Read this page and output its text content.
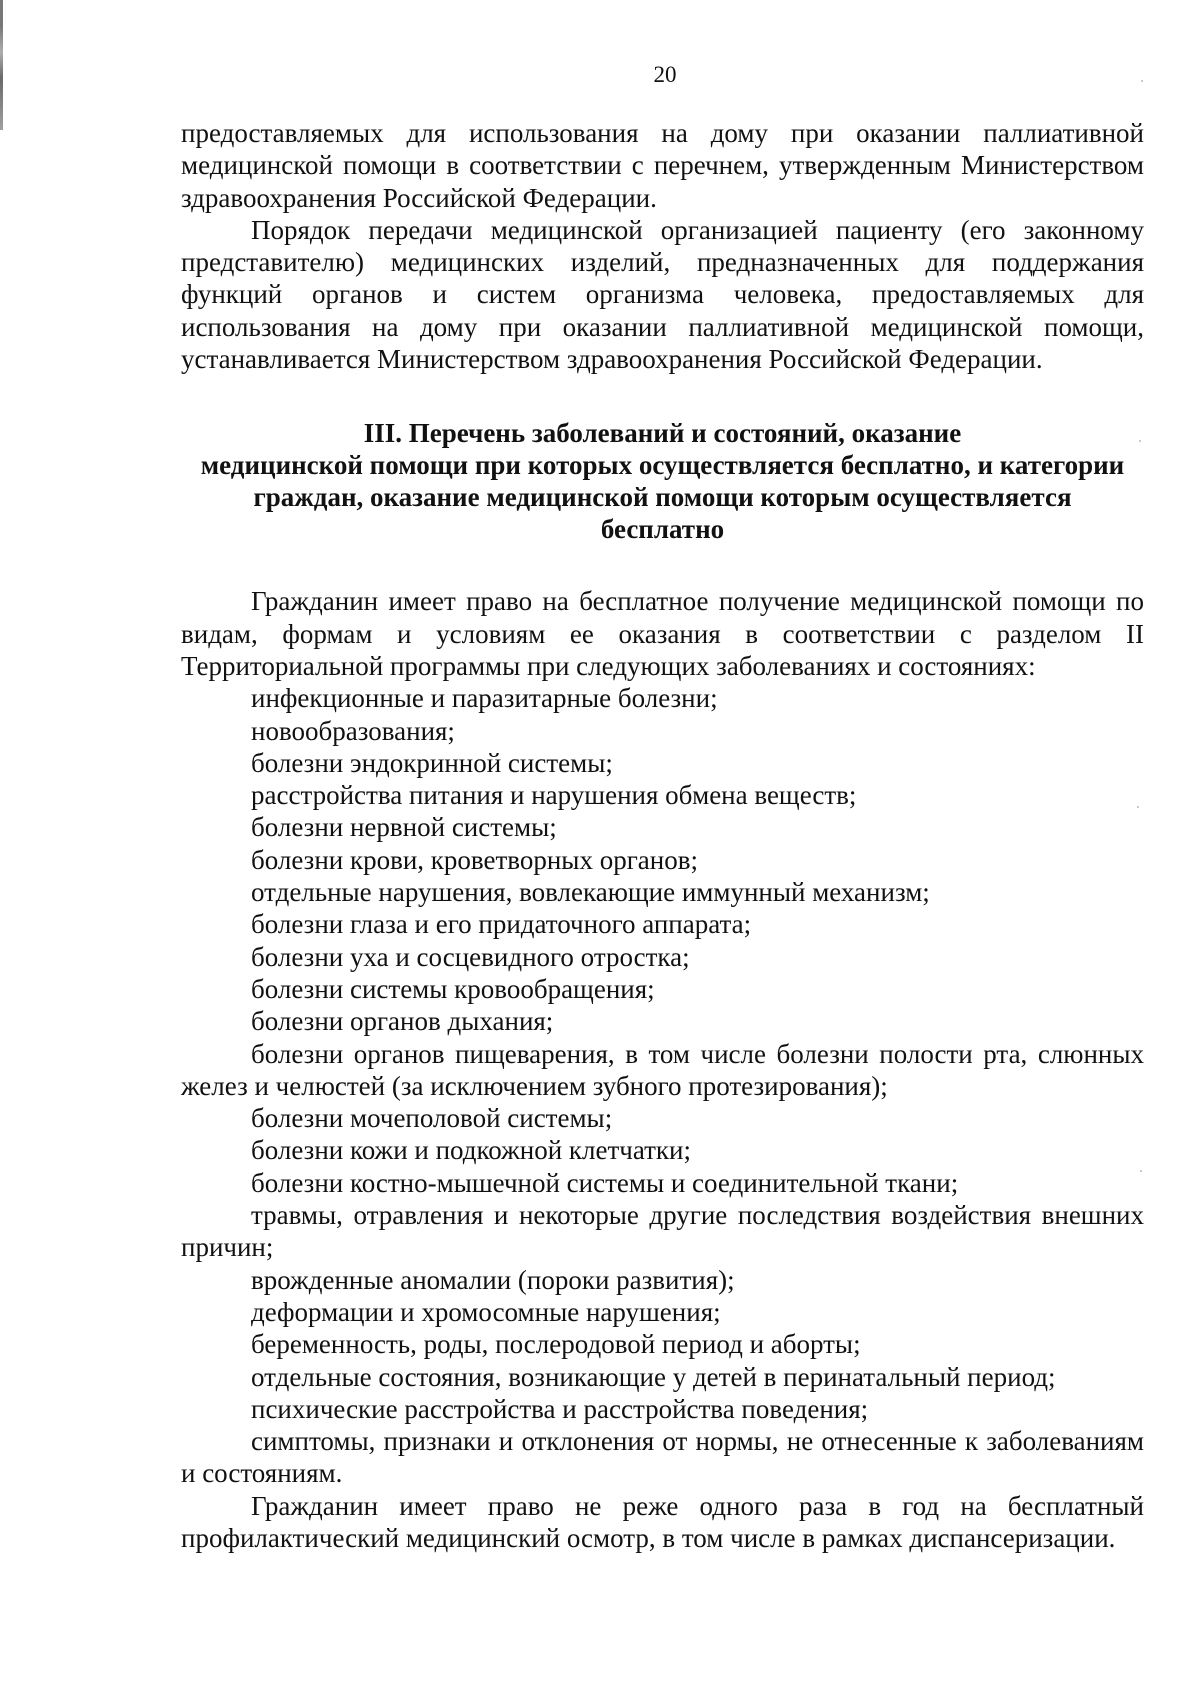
20

предоставляемых для использования на дому при оказании паллиативной медицинской помощи в соответствии с перечнем, утвержденным Министерством здравоохранения Российской Федерации.

Порядок передачи медицинской организацией пациенту (его законному представителю) медицинских изделий, предназначенных для поддержания функций органов и систем организма человека, предоставляемых для использования на дому при оказании паллиативной медицинской помощи, устанавливается Министерством здравоохранения Российской Федерации.

III. Перечень заболеваний и состояний, оказание
медицинской помощи при которых осуществляется бесплатно, и категории
граждан, оказание медицинской помощи которым осуществляется
бесплатно

Гражданин имеет право на бесплатное получение медицинской помощи по видам, формам и условиям ее оказания в соответствии с разделом II Территориальной программы при следующих заболеваниях и состояниях:

инфекционные и паразитарные болезни;

новообразования;

болезни эндокринной системы;

расстройства питания и нарушения обмена веществ;

болезни нервной системы;

болезни крови, кроветворных органов;

отдельные нарушения, вовлекающие иммунный механизм;

болезни глаза и его придаточного аппарата;

болезни уха и сосцевидного отростка;

болезни системы кровообращения;

болезни органов дыхания;

болезни органов пищеварения, в том числе болезни полости рта, слюнных желез и челюстей (за исключением зубного протезирования);

болезни мочеполовой системы;

болезни кожи и подкожной клетчатки;

болезни костно-мышечной системы и соединительной ткани;

травмы, отравления и некоторые другие последствия воздействия внешних причин;

врожденные аномалии (пороки развития);

деформации и хромосомные нарушения;

беременность, роды, послеродовой период и аборты;

отдельные состояния, возникающие у детей в перинатальный период;

психические расстройства и расстройства поведения;

симптомы, признаки и отклонения от нормы, не отнесенные к заболеваниям и состояниям.

Гражданин имеет право не реже одного раза в год на бесплатный профилактический медицинский осмотр, в том числе в рамках диспансеризации.
